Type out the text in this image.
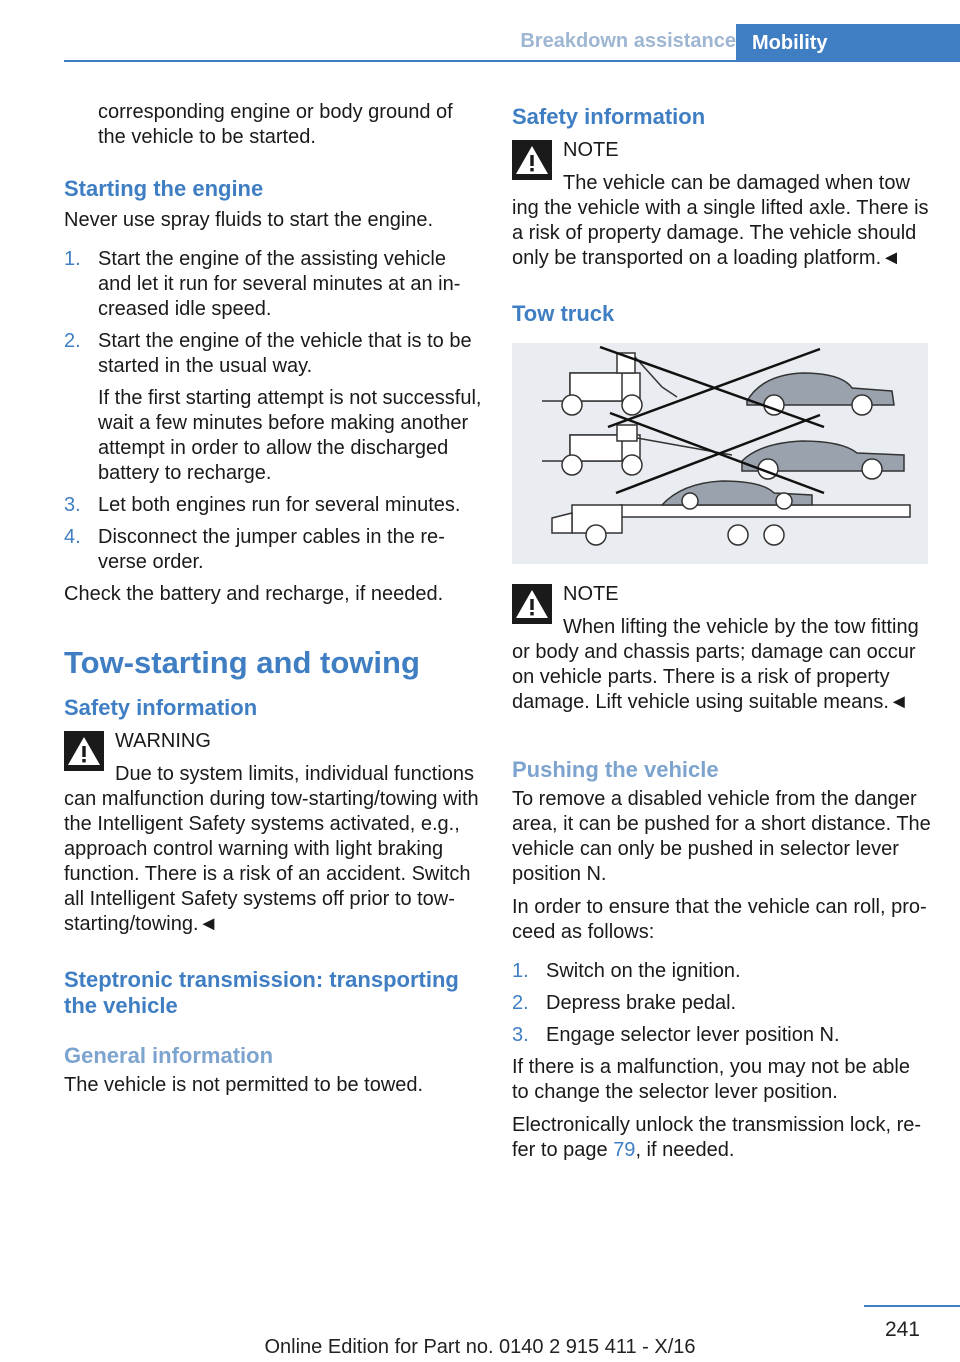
Breakdown assistance Mobility

corresponding engine or body ground of the vehicle to be started.

Starting the engine

Never use spray fluids to start the engine.

1. Start the engine of the assisting vehicle and let it run for several minutes at an increased idle speed.
2. Start the engine of the vehicle that is to be started in the usual way.
If the first starting attempt is not successful, wait a few minutes before making another attempt in order to allow the discharged battery to recharge.
3. Let both engines run for several minutes.
4. Disconnect the jumper cables in the reverse order.

Check the battery and recharge, if needed.

Tow-starting and towing
Safety information
WARNING
Due to system limits, individual functions
can malfunction during tow-starting/towing with the Intelligent Safety systems activated, e.g., approach control warning with light braking function. There is a risk of an accident. Switch all Intelligent Safety systems off prior to tow-starting/towing.◄
Steptronic transmission: transporting the vehicle
General information

The vehicle is not permitted to be towed.

Safety information
NOTE
The vehicle can be damaged when tow
ing the vehicle with a single lifted axle. There is a risk of property damage. The vehicle should only be transported on a loading platform.◄
Tow truck
NOTE
When lifting the vehicle by the tow fitting
or body and chassis parts; damage can occur on vehicle parts. There is a risk of property damage. Lift vehicle using suitable means.◄
Pushing the vehicle

To remove a disabled vehicle from the danger area, it can be pushed for a short distance. The vehicle can only be pushed in selector lever position N.

In order to ensure that the vehicle can roll, proceed as follows:

1. Switch on the ignition.
2. Depress brake pedal.
3. Engage selector lever position N.

If there is a malfunction, you may not be able to change the selector lever position.

Electronically unlock the transmission lock, refer to page 79, if needed.

241
Online Edition for Part no. 0140 2 915 411 - X/16
